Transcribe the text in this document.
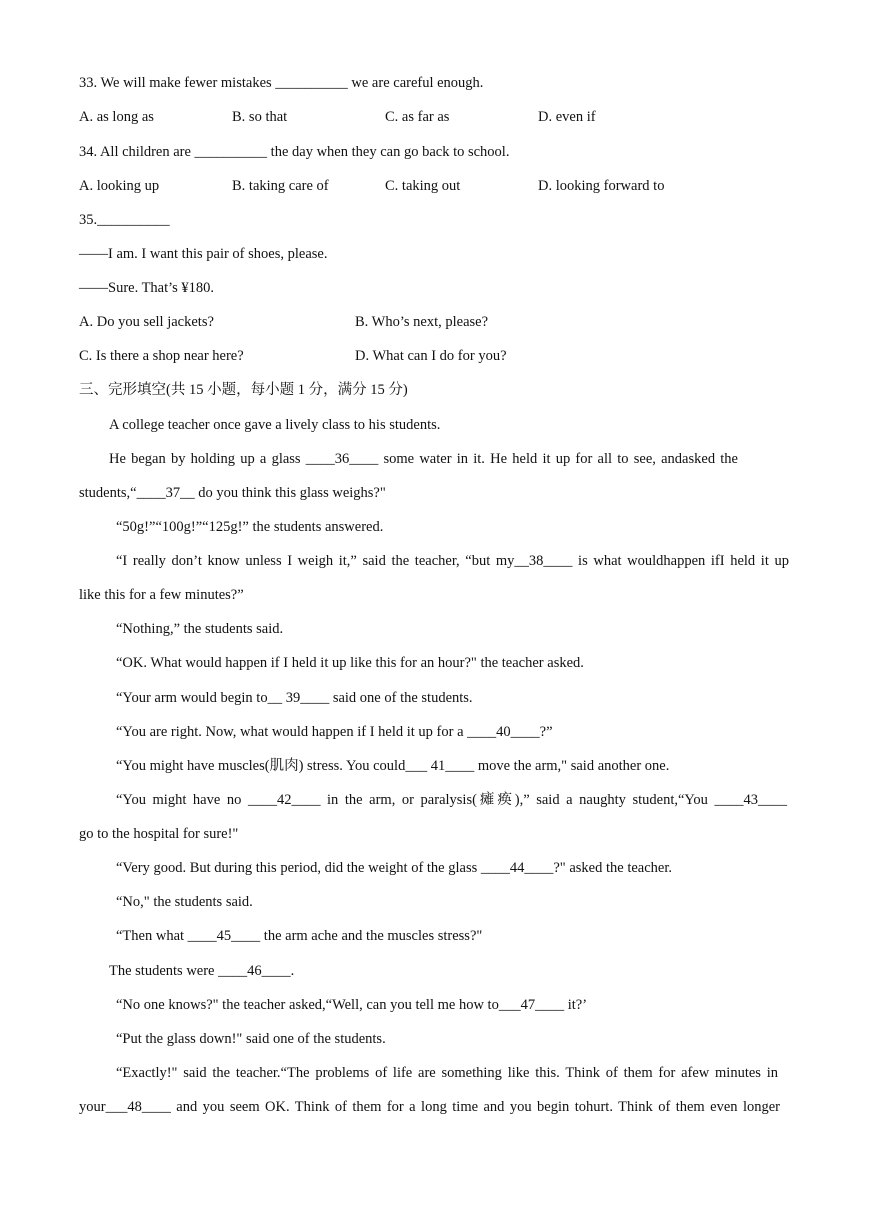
33. We will make fewer mistakes __________ we are careful enough.
A. as long as	B. so that	C. as far as	D. even if
34. All children are __________ the day when they can go back to school.
A. looking up	B. taking care of	C. taking out	D. looking forward to
35.__________
——I am. I want this pair of shoes, please.
——Sure. That’s ¥180.
A. Do you sell jackets?	B. Who’s next, please?
C. Is there a shop near here?	D. What can I do for you?
三、完形填空(共 15 小题，每小题 1 分，满分 15 分)
A college teacher once gave a lively class to his students.
He began by holding up a glass ____36____ some water in it. He held it up for all to see, andasked the
students,“____37__ do you think this glass weighs?"
“50g!”“100g!”“125g!” the students answered.
“I really don’t know unless I weigh it,” said the teacher, “but my__38____ is what wouldhappen ifI held it up
like this for a few minutes?”
“Nothing,” the students said.
“OK. What would happen if I held it up like this for an hour?" the teacher asked.
“Your arm would begin to__ 39____ said one of the students.
“You are right. Now, what would happen if I held it up for a ____40____?”
“You might have muscles(肌肉) stress. You could___ 41____ move the arm," said another one.
“You might have no ____42____ in the arm, or paralysis(瘫痪),” said a naughty student,“You ____43____
go to the hospital for sure!"
“Very good. But during this period, did the weight of the glass ____44____?" asked the teacher.
“No," the students said.
“Then what ____45____ the arm ache and the muscles stress?"
The students were ____46____.
“No one knows?" the teacher asked,“Well, can you tell me how to___47____ it?’
“Put the glass down!" said one of the students.
“Exactly!" said the teacher.“The problems of life are something like this. Think of them for afew minutes in
your___48____ and you seem OK. Think of them for a long time and you begin tohurt. Think of them even longer
